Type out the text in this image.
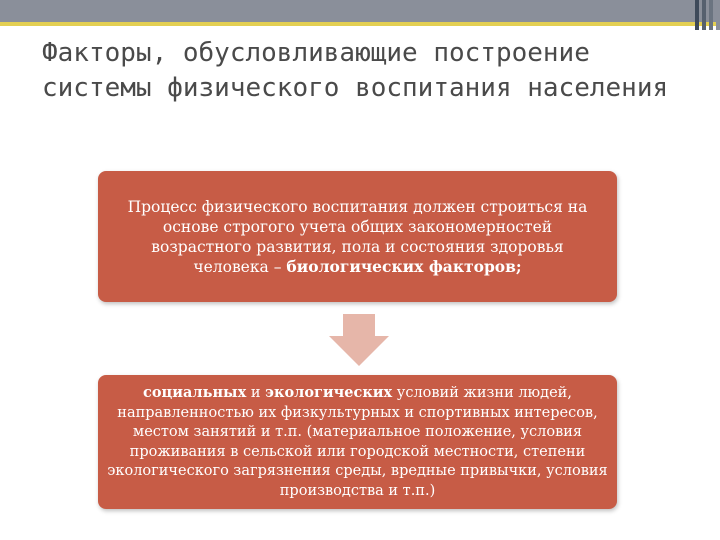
Факторы, обусловливающие построение системы физического воспитания населения
Процесс физического воспитания должен строиться на основе строгого учета общих закономерностей возрастного развития, пола и состояния здоровья человека – биологических факторов;
социальных и экологических условий жизни людей, направленностью их физкультурных и спортивных интересов, местом занятий и т.п. (материальное положение, условия проживания в сельской или городской местности, степени экологического загрязнения среды, вредные привычки, условия производства и т.п.)
